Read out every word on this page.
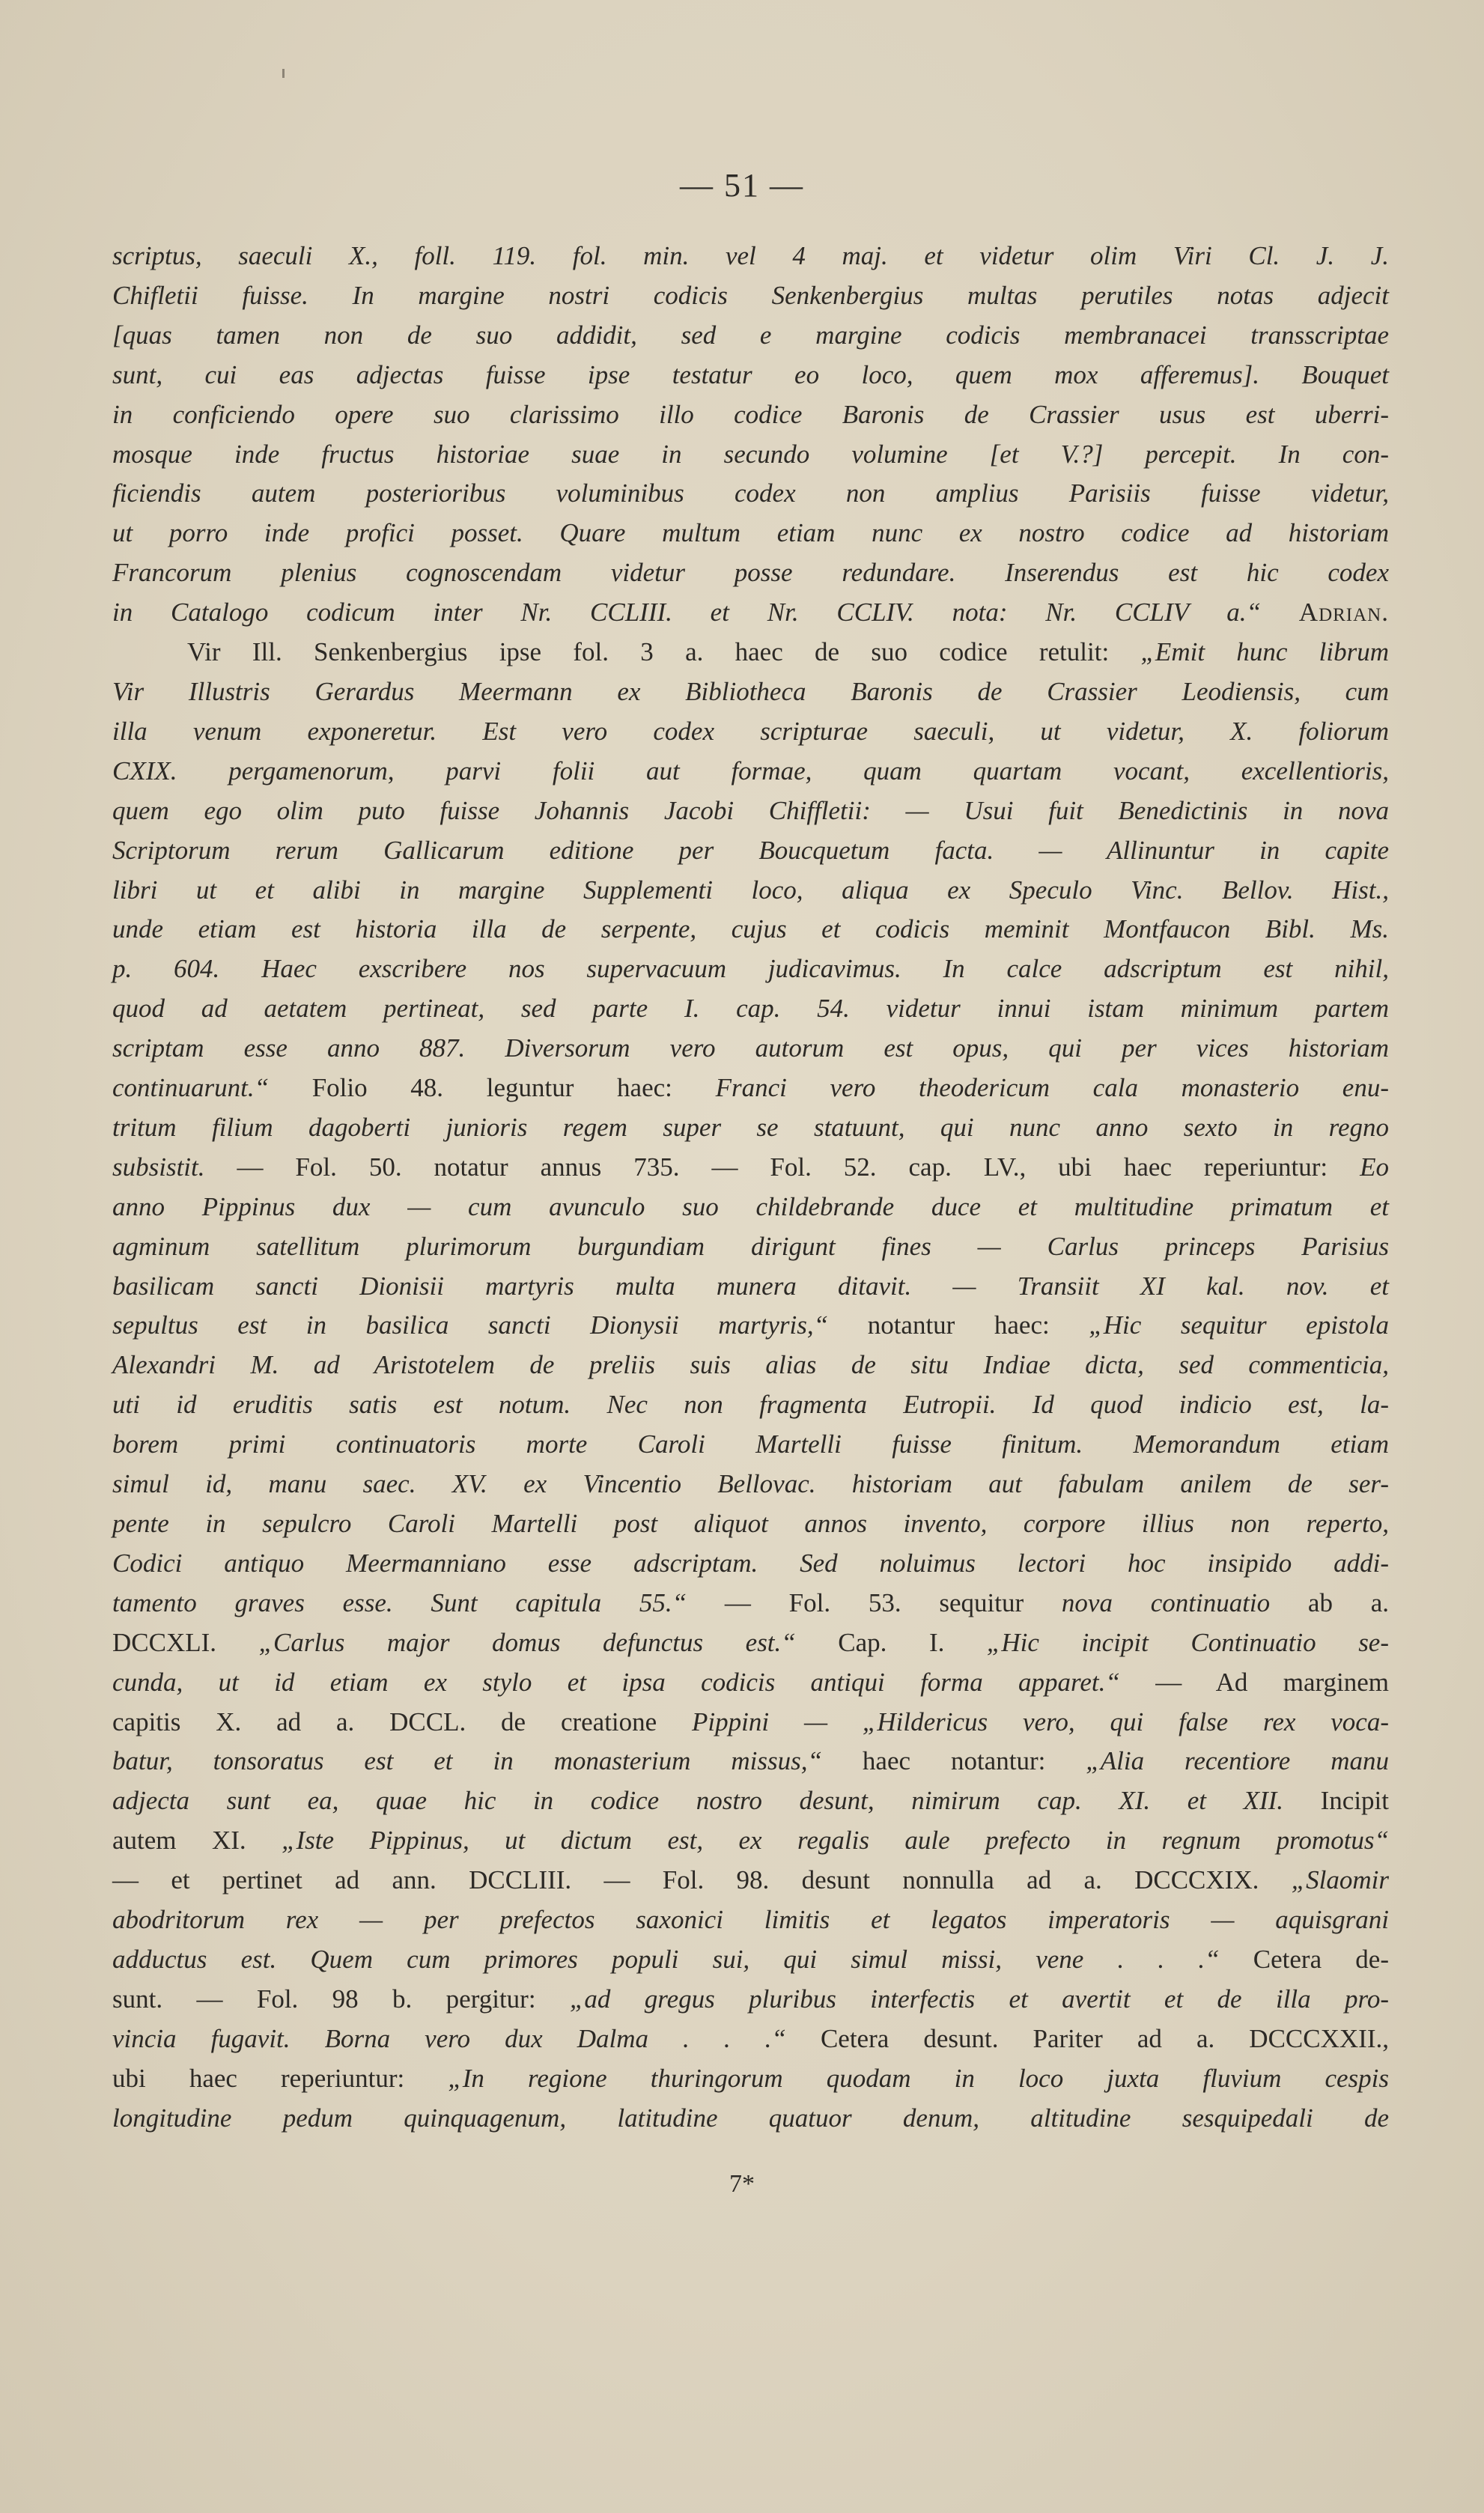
— 51 —
scriptus, saeculi X., foll. 119. fol. min. vel 4 maj. et videtur olim Viri Cl. J. J.
Chifletii fuisse. In margine nostri codicis Senkenbergius multas perutiles notas adjecit
[quas tamen non de suo addidit, sed e margine codicis membranacei transscriptae
sunt, cui eas adjectas fuisse ipse testatur eo loco, quem mox afferemus]. Bouquet
in conficiendo opere suo clarissimo illo codice Baronis de Crassier usus est uberri-
mosque inde fructus historiae suae in secundo volumine [et V.?] percepit. In con-
ficiendis autem posterioribus voluminibus codex non amplius Parisiis fuisse videtur,
ut porro inde profici posset. Quare multum etiam nunc ex nostro codice ad historiam
Francorum plenius cognoscendam videtur posse redundare. Inserendus est hic codex
in Catalogo codicum inter Nr. CCLIII. et Nr. CCLIV. nota: Nr. CCLIV a.“ Adrian.
Vir Ill. Senkenbergius ipse fol. 3 a. haec de suo codice retulit: „Emit hunc librum
Vir Illustris Gerardus Meermann ex Bibliotheca Baronis de Crassier Leodiensis, cum
illa venum exponeretur. Est vero codex scripturae saeculi, ut videtur, X. foliorum
CXIX. pergamenorum, parvi folii aut formae, quam quartam vocant, excellentioris,
quem ego olim puto fuisse Johannis Jacobi Chiffletii: — Usui fuit Benedictinis in nova
Scriptorum rerum Gallicarum editione per Boucquetum facta. — Allinuntur in capite
libri ut et alibi in margine Supplementi loco, aliqua ex Speculo Vinc. Bellov. Hist.,
unde etiam est historia illa de serpente, cujus et codicis meminit Montfaucon Bibl. Ms.
p. 604. Haec exscribere nos supervacuum judicavimus. In calce adscriptum est nihil,
quod ad aetatem pertineat, sed parte I. cap. 54. videtur innui istam minimum partem
scriptam esse anno 887. Diversorum vero autorum est opus, qui per vices historiam
continuarunt.“ Folio 48. leguntur haec: Franci vero theodericum cala monasterio enu-
tritum filium dagoberti junioris regem super se statuunt, qui nunc anno sexto in regno
subsistit. — Fol. 50. notatur annus 735. — Fol. 52. cap. LV., ubi haec reperiuntur: Eo
anno Pippinus dux — cum avunculo suo childebrande duce et multitudine primatum et
agminum satellitum plurimorum burgundiam dirigunt fines — Carlus princeps Parisius
basilicam sancti Dionisii martyris multa munera ditavit. — Transiit XI kal. nov. et
sepultus est in basilica sancti Dionysii martyris,“ notantur haec: „Hic sequitur epistola
Alexandri M. ad Aristotelem de preliis suis alias de situ Indiae dicta, sed commenticia,
uti id eruditis satis est notum. Nec non fragmenta Eutropii. Id quod indicio est, la-
borem primi continuatoris morte Caroli Martelli fuisse finitum. Memorandum etiam
simul id, manu saec. XV. ex Vincentio Bellovac. historiam aut fabulam anilem de ser-
pente in sepulcro Caroli Martelli post aliquot annos invento, corpore illius non reperto,
Codici antiquo Meermanniano esse adscriptam. Sed noluimus lectori hoc insipido addi-
tamento graves esse. Sunt capitula 55.“ — Fol. 53. sequitur nova continuatio ab a.
DCCXLI. „Carlus major domus defunctus est.“ Cap. I. „Hic incipit Continuatio se-
cunda, ut id etiam ex stylo et ipsa codicis antiqui forma apparet.“ — Ad marginem
capitis X. ad a. DCCL. de creatione Pippini — „Hildericus vero, qui false rex voca-
batur, tonsoratus est et in monasterium missus,“ haec notantur: „Alia recentiore manu
adjecta sunt ea, quae hic in codice nostro desunt, nimirum cap. XI. et XII. Incipit
autem XI. „Iste Pippinus, ut dictum est, ex regalis aule prefecto in regnum promotus“
— et pertinet ad ann. DCCLIII. — Fol. 98. desunt nonnulla ad a. DCCCXIX. „Slaomir
abodritorum rex — per prefectos saxonici limitis et legatos imperatoris — aquisgrani
adductus est. Quem cum primores populi sui, qui simul missi, vene . . .“ Cetera de-
sunt. — Fol. 98 b. pergitur: „ad gregus pluribus interfectis et avertit et de illa pro-
vincia fugavit. Borna vero dux Dalma . . .“ Cetera desunt. Pariter ad a. DCCCXXII.,
ubi haec reperiuntur: „In regione thuringorum quodam in loco juxta fluvium cespis
longitudine pedum quinquagenum, latitudine quatuor denum, altitudine sesquipedali de
7*
